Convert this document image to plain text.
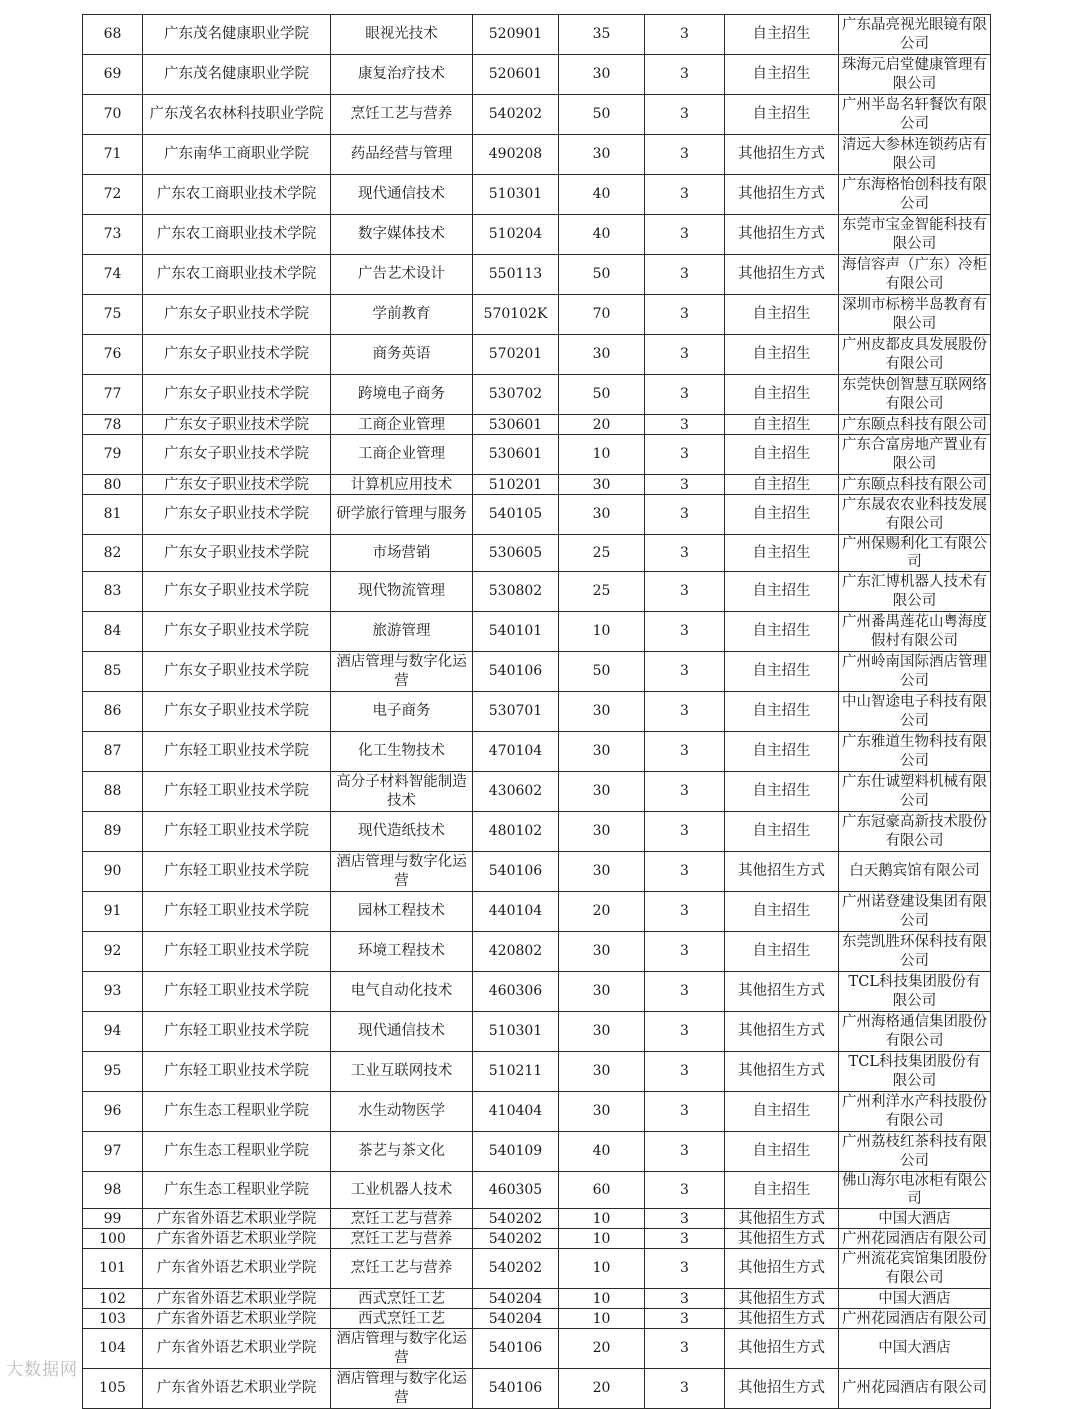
68	广东茂名健康职业学院	眼视光技术	520901	35	3	自主招生	广东晶亮视光眼镜有限公司
69	广东茂名健康职业学院	康复治疗技术	520601	30	3	自主招生	珠海元启堂健康管理有限公司
70	广东茂名农林科技职业学院	烹饪工艺与营养	540202	50	3	自主招生	广州半岛名轩餐饮有限公司
71	广东南华工商职业学院	药品经营与管理	490208	30	3	其他招生方式	清远大参林连锁药店有限公司
72	广东农工商职业技术学院	现代通信技术	510301	40	3	其他招生方式	广东海格怡创科技有限公司
73	广东农工商职业技术学院	数字媒体技术	510204	40	3	其他招生方式	东莞市宝金智能科技有限公司
74	广东农工商职业技术学院	广告艺术设计	550113	50	3	其他招生方式	海信容声（广东）冷柜有限公司
75	广东女子职业技术学院	学前教育	570102K	70	3	自主招生	深圳市标榜半岛教育有限公司
76	广东女子职业技术学院	商务英语	570201	30	3	自主招生	广州皮都皮具发展股份有限公司
77	广东女子职业技术学院	跨境电子商务	530702	50	3	自主招生	东莞快创智慧互联网络有限公司
78	广东女子职业技术学院	工商企业管理	530601	20	3	自主招生	广东颐点科技有限公司
79	广东女子职业技术学院	工商企业管理	530601	10	3	自主招生	广东合富房地产置业有限公司
80	广东女子职业技术学院	计算机应用技术	510201	30	3	自主招生	广东颐点科技有限公司
81	广东女子职业技术学院	研学旅行管理与服务	540105	30	3	自主招生	广东晟农农业科技发展有限公司
82	广东女子职业技术学院	市场营销	530605	25	3	自主招生	广州保赐利化工有限公司
83	广东女子职业技术学院	现代物流管理	530802	25	3	自主招生	广东汇博机器人技术有限公司
84	广东女子职业技术学院	旅游管理	540101	10	3	自主招生	广州番禺莲花山粤海度假村有限公司
85	广东女子职业技术学院	酒店管理与数字化运营	540106	50	3	自主招生	广州岭南国际酒店管理公司
86	广东女子职业技术学院	电子商务	530701	30	3	自主招生	中山智途电子科技有限公司
87	广东轻工职业技术学院	化工生物技术	470104	30	3	自主招生	广东雅道生物科技有限公司
88	广东轻工职业技术学院	高分子材料智能制造技术	430602	30	3	自主招生	广东仕诚塑料机械有限公司
89	广东轻工职业技术学院	现代造纸技术	480102	30	3	自主招生	广东冠豪高新技术股份有限公司
90	广东轻工职业技术学院	酒店管理与数字化运营	540106	30	3	其他招生方式	白天鹅宾馆有限公司
91	广东轻工职业技术学院	园林工程技术	440104	20	3	自主招生	广州诺登建设集团有限公司
92	广东轻工职业技术学院	环境工程技术	420802	30	3	自主招生	东莞凯胜环保科技有限公司
93	广东轻工职业技术学院	电气自动化技术	460306	30	3	其他招生方式	TCL科技集团股份有限公司
94	广东轻工职业技术学院	现代通信技术	510301	30	3	其他招生方式	广州海格通信集团股份有限公司
95	广东轻工职业技术学院	工业互联网技术	510211	30	3	其他招生方式	TCL科技集团股份有限公司
96	广东生态工程职业学院	水生动物医学	410404	30	3	自主招生	广州利洋水产科技股份有限公司
97	广东生态工程职业学院	茶艺与茶文化	540109	40	3	自主招生	广州荔枝红茶科技有限公司
98	广东生态工程职业学院	工业机器人技术	460305	60	3	自主招生	佛山海尔电冰柜有限公司
99	广东省外语艺术职业学院	烹饪工艺与营养	540202	10	3	其他招生方式	中国大酒店
100	广东省外语艺术职业学院	烹饪工艺与营养	540202	10	3	其他招生方式	广州花园酒店有限公司
101	广东省外语艺术职业学院	烹饪工艺与营养	540202	10	3	其他招生方式	广州流花宾馆集团股份有限公司
102	广东省外语艺术职业学院	西式烹饪工艺	540204	10	3	其他招生方式	中国大酒店
103	广东省外语艺术职业学院	西式烹饪工艺	540204	10	3	其他招生方式	广州花园酒店有限公司
104	广东省外语艺术职业学院	酒店管理与数字化运营	540106	20	3	其他招生方式	中国大酒店
105	广东省外语艺术职业学院	酒店管理与数字化运营	540106	20	3	其他招生方式	广州花园酒店有限公司
大数据网
